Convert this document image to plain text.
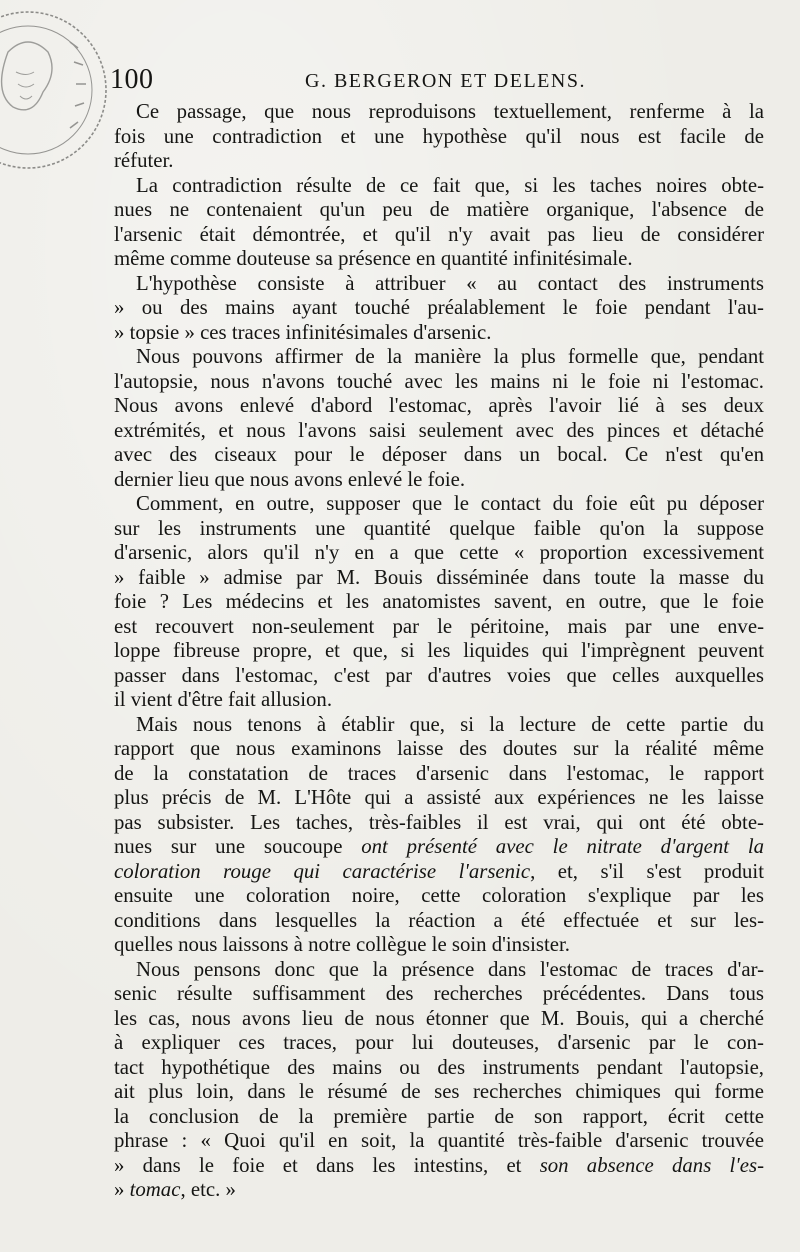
100	G. BERGERON ET DELENS.
Ce passage, que nous reproduisons textuellement, renferme à la
fois une contradiction et une hypothèse qu'il nous est facile de
réfuter.
La contradiction résulte de ce fait que, si les taches noires obte-
nues ne contenaient qu'un peu de matière organique, l'absence de
l'arsenic était démontrée, et qu'il n'y avait pas lieu de considérer
même comme douteuse sa présence en quantité infinitésimale.
L'hypothèse consiste à attribuer « au contact des instruments
» ou des mains ayant touché préalablement le foie pendant l'au-
» topsie » ces traces infinitésimales d'arsenic.
Nous pouvons affirmer de la manière la plus formelle que, pendant
l'autopsie, nous n'avons touché avec les mains ni le foie ni l'estomac.
Nous avons enlevé d'abord l'estomac, après l'avoir lié à ses deux
extrémités, et nous l'avons saisi seulement avec des pinces et détaché
avec des ciseaux pour le déposer dans un bocal. Ce n'est qu'en
dernier lieu que nous avons enlevé le foie.
Comment, en outre, supposer que le contact du foie eût pu déposer
sur les instruments une quantité quelque faible qu'on la suppose
d'arsenic, alors qu'il n'y en a que cette « proportion excessivement
» faible » admise par M. Bouis disséminée dans toute la masse du
foie ? Les médecins et les anatomistes savent, en outre, que le foie
est recouvert non-seulement par le péritoine, mais par une enve-
loppe fibreuse propre, et que, si les liquides qui l'imprègnent peuvent
passer dans l'estomac, c'est par d'autres voies que celles auxquelles
il vient d'être fait allusion.
Mais nous tenons à établir que, si la lecture de cette partie du
rapport que nous examinons laisse des doutes sur la réalité même
de la constatation de traces d'arsenic dans l'estomac, le rapport
plus précis de M. L'Hôte qui a assisté aux expériences ne les laisse
pas subsister. Les taches, très-faibles il est vrai, qui ont été obte-
nues sur une soucoupe ont présenté avec le nitrate d'argent la
coloration rouge qui caractérise l'arsenic, et, s'il s'est produit
ensuite une coloration noire, cette coloration s'explique par les
conditions dans lesquelles la réaction a été effectuée et sur les-
quelles nous laissons à notre collègue le soin d'insister.
Nous pensons donc que la présence dans l'estomac de traces d'ar-
senic résulte suffisamment des recherches précédentes. Dans tous
les cas, nous avons lieu de nous étonner que M. Bouis, qui a cherché
à expliquer ces traces, pour lui douteuses, d'arsenic par le con-
tact hypothétique des mains ou des instruments pendant l'autopsie,
ait plus loin, dans le résumé de ses recherches chimiques qui forme
la conclusion de la première partie de son rapport, écrit cette
phrase : « Quoi qu'il en soit, la quantité très-faible d'arsenic trouvée
» dans le foie et dans les intestins, et son absence dans l'es-
» tomac, etc. »
